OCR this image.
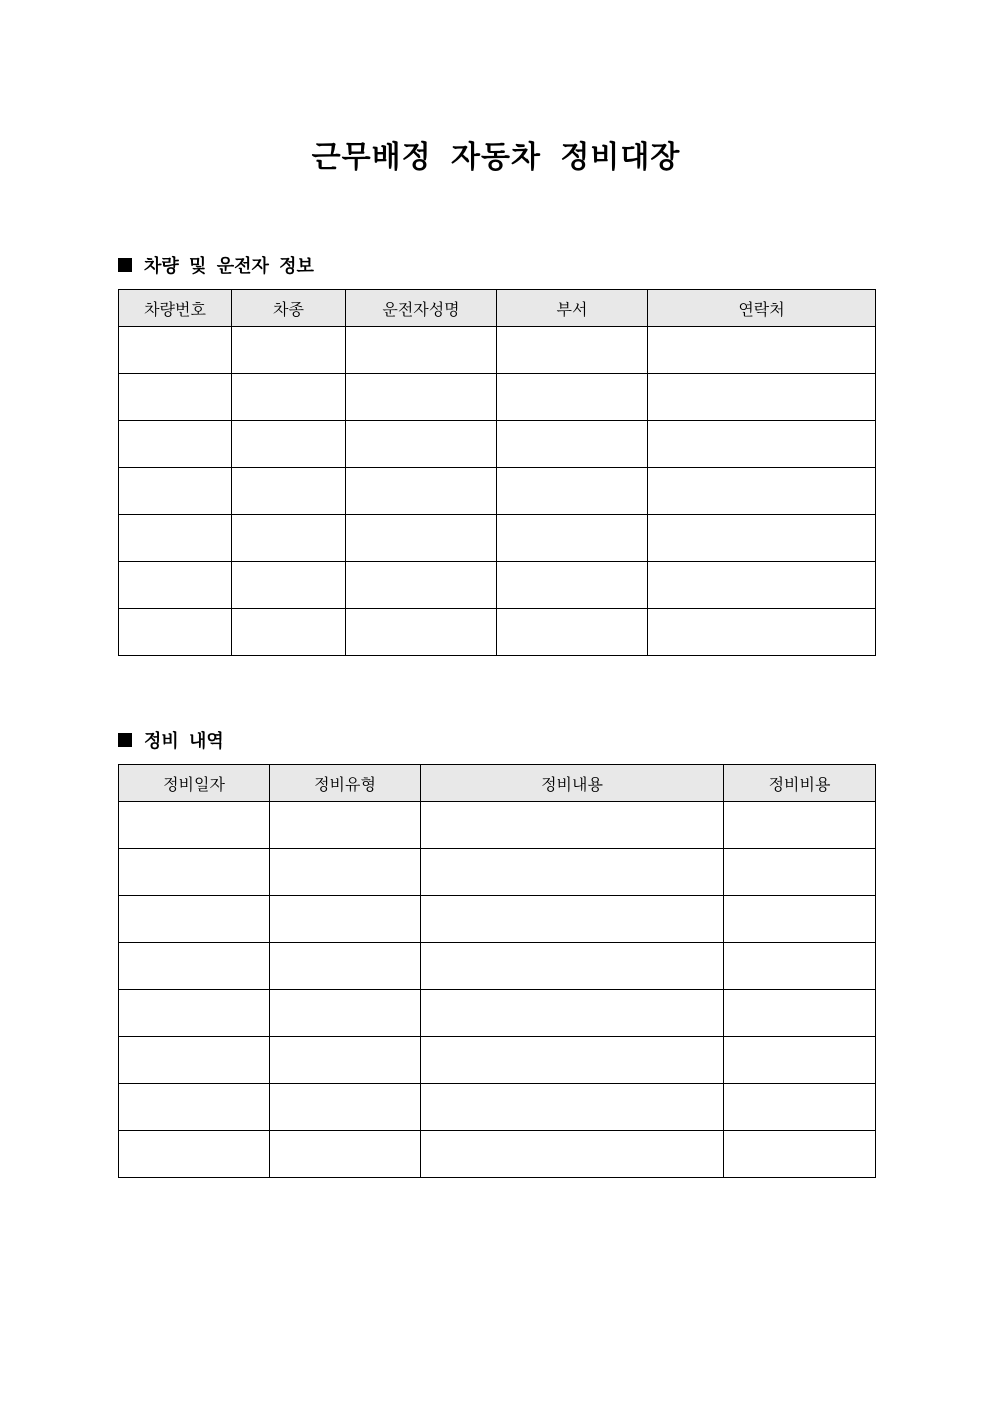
근무배정 자동차 정비대장
차량 및 운전자 정보
차량번호	차종	운전자성명	부서	연락처

정비 내역
정비일자	정비유형	정비내용	정비비용
